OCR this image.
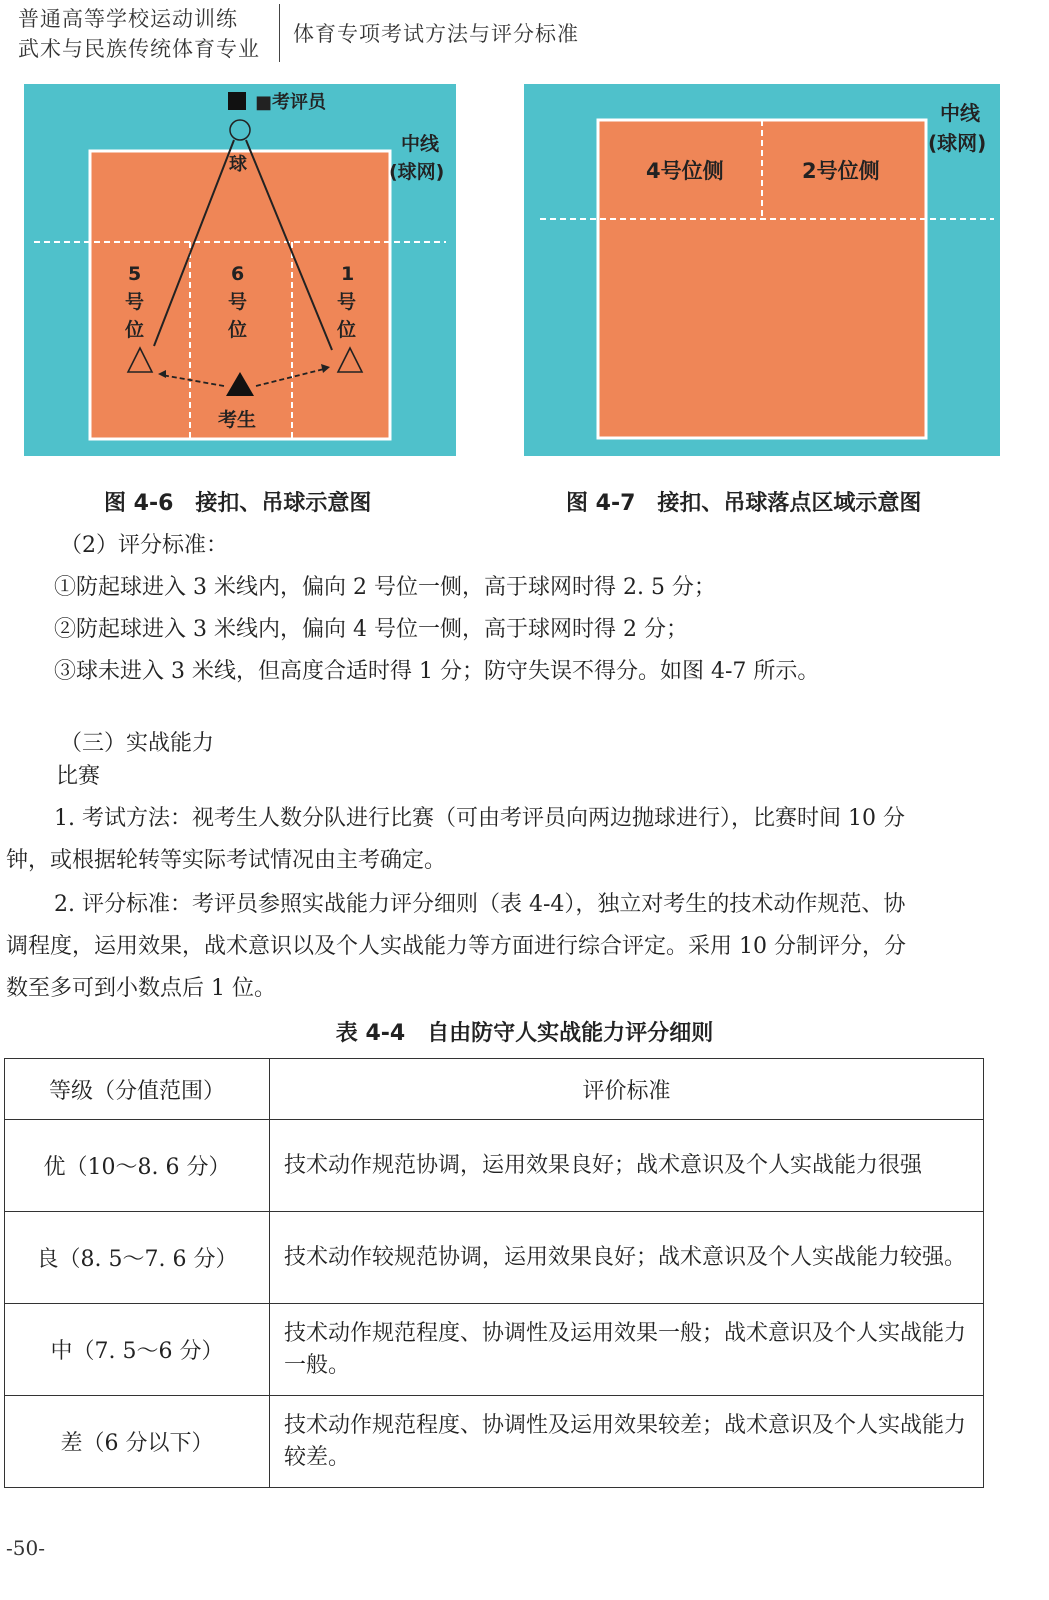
普通高等学校运动训练
武术与民族传统体育专业
体育专项考试方法与评分标准
■考评员
球
中线
(球网)
5
号
位
6
号
位
1
号
位
考生
图 4-6　接扣、吊球示意图
4号位侧	2号位侧
中线
(球网)
图 4-7　接扣、吊球落点区域示意图
（2）评分标准：
①防起球进入 3 米线内，偏向 2 号位一侧，高于球网时得 2. 5 分；
②防起球进入 3 米线内，偏向 4 号位一侧，高于球网时得 2 分；
③球未进入 3 米线，但高度合适时得 1 分；防守失误不得分。如图 4-7 所示。
（三）实战能力
比赛
1. 考试方法：视考生人数分队进行比赛（可由考评员向两边抛球进行），比赛时间 10 分
钟，或根据轮转等实际考试情况由主考确定。
2. 评分标准：考评员参照实战能力评分细则（表 4-4），独立对考生的技术动作规范、协
调程度，运用效果，战术意识以及个人实战能力等方面进行综合评定。采用 10 分制评分，分
数至多可到小数点后 1 位。
表 4-4　自由防守人实战能力评分细则
等级（分值范围）	评价标准
优（10～8. 6 分）	技术动作规范协调，运用效果良好；战术意识及个人实战能力很强
良（8. 5～7. 6 分）	技术动作较规范协调，运用效果良好；战术意识及个人实战能力较强。
中（7. 5～6 分）	技术动作规范程度、协调性及运用效果一般；战术意识及个人实战能力一般。
差（6 分以下）	技术动作规范程度、协调性及运用效果较差；战术意识及个人实战能力较差。
-50-
